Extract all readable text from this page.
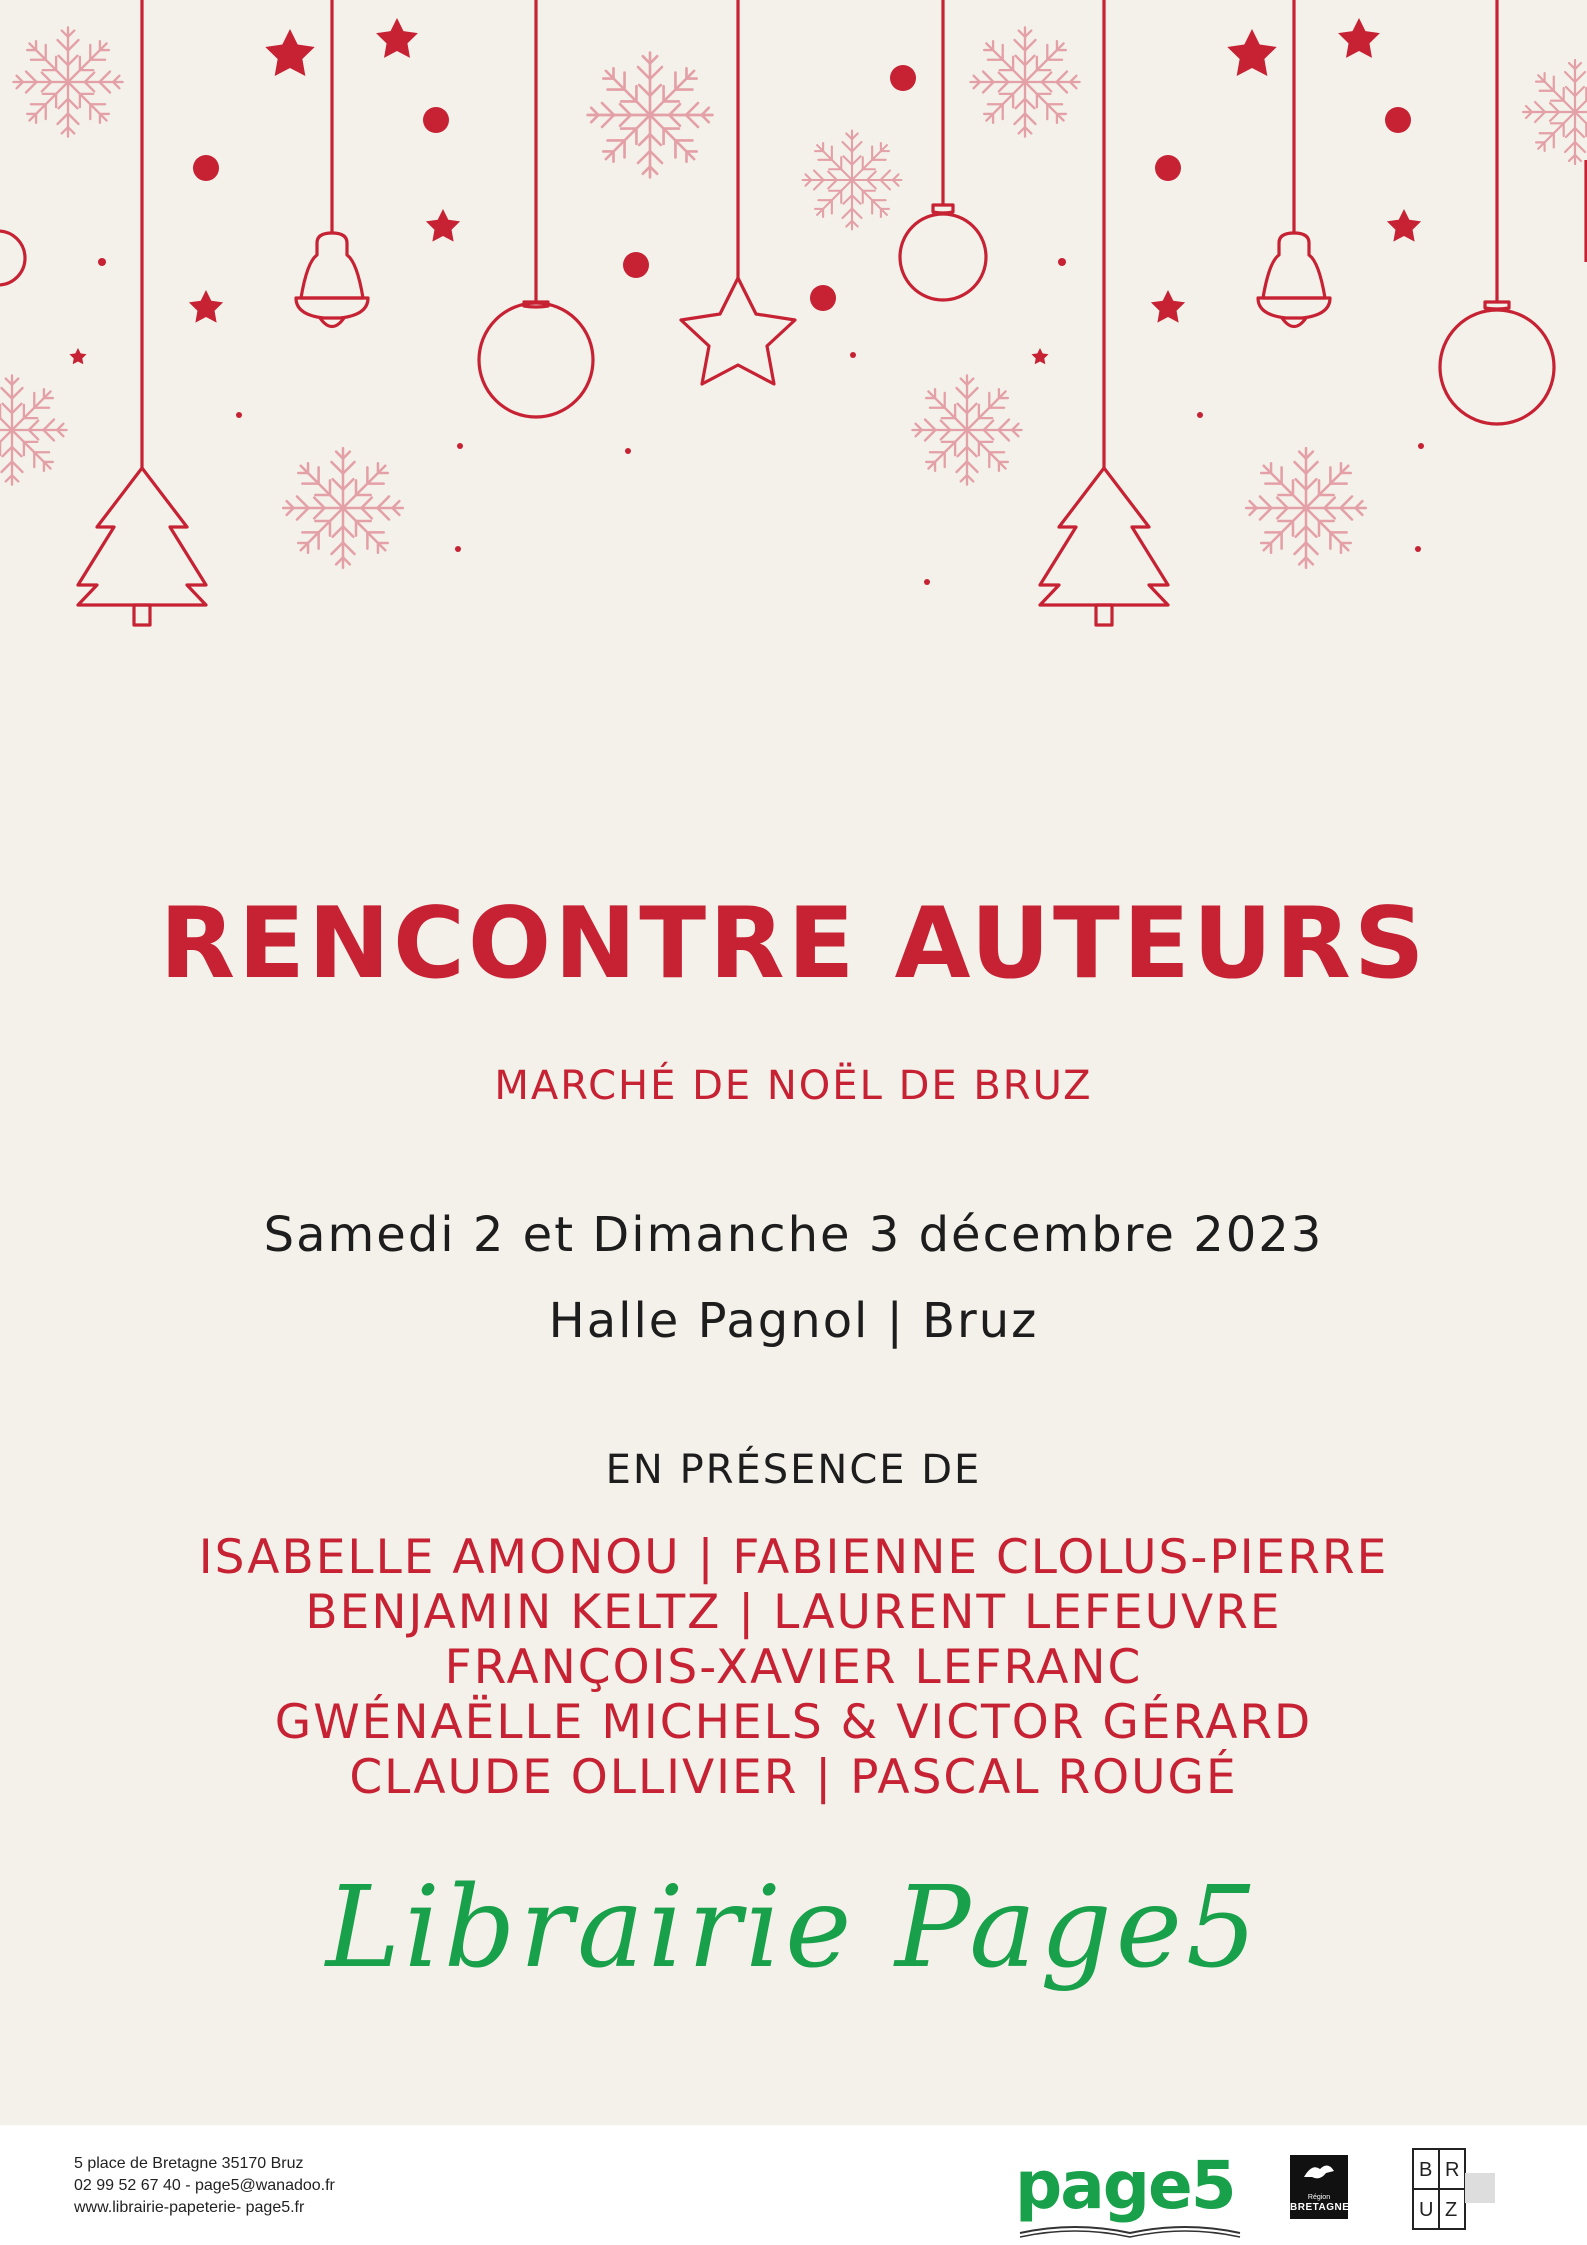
RENCONTRE AUTEURS
MARCHÉ DE NOËL DE BRUZ
Samedi 2 et Dimanche 3 décembre 2023
Halle Pagnol | Bruz
EN PRÉSENCE DE
ISABELLE AMONOU | FABIENNE CLOLUS-PIERRE
BENJAMIN KELTZ | LAURENT LEFEUVRE
FRANÇOIS-XAVIER LEFRANC
GWÉNAËLLE MICHELS & VICTOR GÉRARD
CLAUDE OLLIVIER | PASCAL ROUGÉ
Librairie Page5
5 place de Bretagne 35170 Bruz
02 99 52 67 40 - page5@wanadoo.fr
www.librairie-papeterie- page5.fr	page5	Région
BRETAGNE
B R
U Z
